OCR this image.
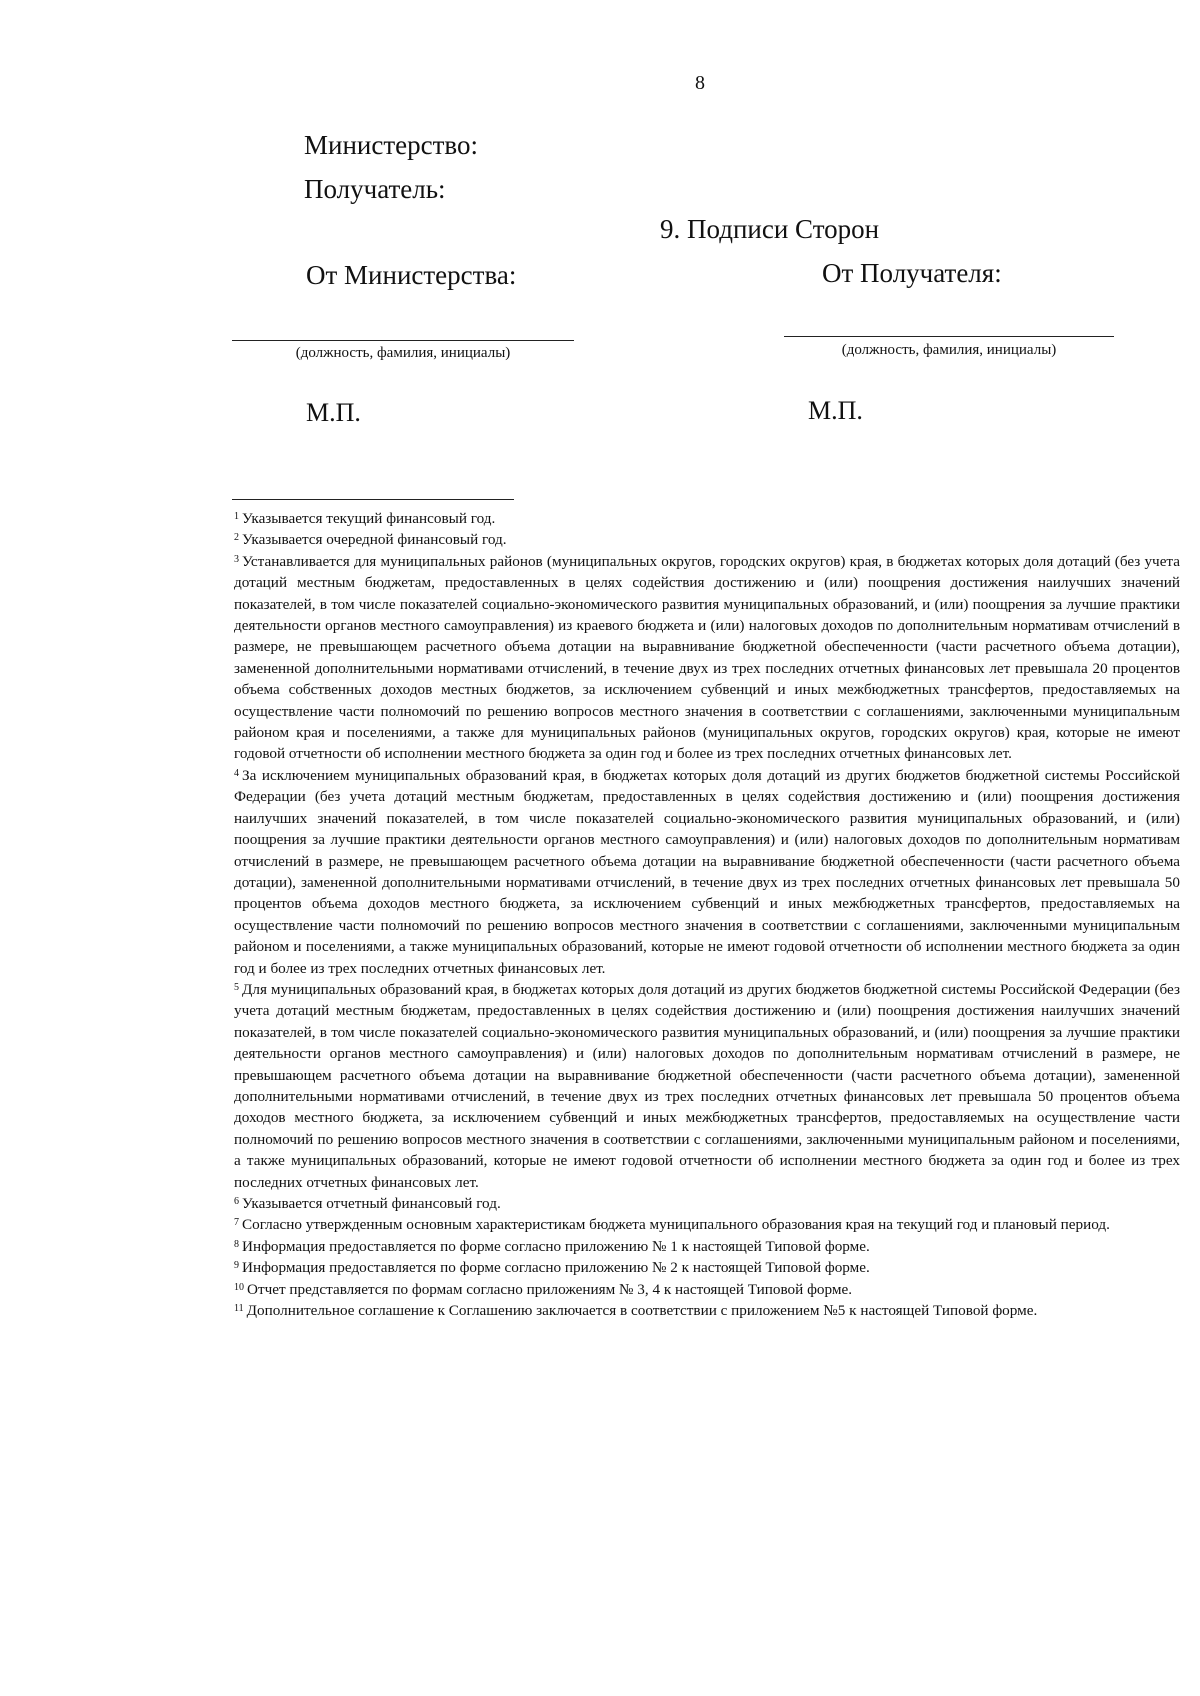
8
Министерство:
Получатель:
9. Подписи Сторон
От Министерства:	От Получателя:
(должность, фамилия, инициалы)	(должность, фамилия, инициалы)
М.П.	М.П.

$^1$ Указывается текущий финансовый год.

$^2$ Указывается очередной финансовый год.

$^3$ Устанавливается для муниципальных районов (муниципальных округов, городских округов) края, в бюджетах которых доля дотаций (без учета дотаций местным бюджетам, предоставленных в целях содействия достижению и (или) поощрения достижения наилучших значений показателей, в том числе показателей социально-экономического развития муниципальных образований, и (или) поощрения за лучшие практики деятельности органов местного самоуправления) из краевого бюджета и (или) налоговых доходов по дополнительным нормативам отчислений в размере, не превышающем расчетного объема дотации на выравнивание бюджетной обеспеченности (части расчетного объема дотации), замененной дополнительными нормативами отчислений, в течение двух из трех последних отчетных финансовых лет превышала 20 процентов объема собственных доходов местных бюджетов, за исключением субвенций и иных межбюджетных трансфертов, предоставляемых на осуществление части полномочий по решению вопросов местного значения в соответствии с соглашениями, заключенными муниципальным районом края и поселениями, а также для муниципальных районов (муниципальных округов, городских округов) края, которые не имеют годовой отчетности об исполнении местного бюджета за один год и более из трех последних отчетных финансовых лет.

$^4$ За исключением муниципальных образований края, в бюджетах которых доля дотаций из других бюджетов бюджетной системы Российской Федерации (без учета дотаций местным бюджетам, предоставленных в целях содействия достижению и (или) поощрения достижения наилучших значений показателей, в том числе показателей социально-экономического развития муниципальных образований, и (или) поощрения за лучшие практики деятельности органов местного самоуправления) и (или) налоговых доходов по дополнительным нормативам отчислений в размере, не превышающем расчетного объема дотации на выравнивание бюджетной обеспеченности (части расчетного объема дотации), замененной дополнительными нормативами отчислений, в течение двух из трех последних отчетных финансовых лет превышала 50 процентов объема доходов местного бюджета, за исключением субвенций и иных межбюджетных трансфертов, предоставляемых на осуществление части полномочий по решению вопросов местного значения в соответствии с соглашениями, заключенными муниципальным районом и поселениями, а также муниципальных образований, которые не имеют годовой отчетности об исполнении местного бюджета за один год и более из трех последних отчетных финансовых лет.

$^5$ Для муниципальных образований края, в бюджетах которых доля дотаций из других бюджетов бюджетной системы Российской Федерации (без учета дотаций местным бюджетам, предоставленных в целях содействия достижению и (или) поощрения достижения наилучших значений показателей, в том числе показателей социально-экономического развития муниципальных образований, и (или) поощрения за лучшие практики деятельности органов местного самоуправления) и (или) налоговых доходов по дополнительным нормативам отчислений в размере, не превышающем расчетного объема дотации на выравнивание бюджетной обеспеченности (части расчетного объема дотации), замененной дополнительными нормативами отчислений, в течение двух из трех последних отчетных финансовых лет превышала 50 процентов объема доходов местного бюджета, за исключением субвенций и иных межбюджетных трансфертов, предоставляемых на осуществление части полномочий по решению вопросов местного значения в соответствии с соглашениями, заключенными муниципальным районом и поселениями, а также муниципальных образований, которые не имеют годовой отчетности об исполнении местного бюджета за один год и более из трех последних отчетных финансовых лет.

$^6$ Указывается отчетный финансовый год.

$^7$ Согласно утвержденным основным характеристикам бюджета муниципального образования края на текущий год и плановый период.

$^8$ Информация предоставляется по форме согласно приложению № 1 к настоящей Типовой форме.

$^9$ Информация предоставляется по форме согласно приложению № 2 к настоящей Типовой форме.

$^{10}$ Отчет представляется по формам согласно приложениям № 3, 4 к настоящей Типовой форме.

$^{11}$ Дополнительное соглашение к Соглашению заключается в соответствии с приложением №5 к настоящей Типовой форме.
